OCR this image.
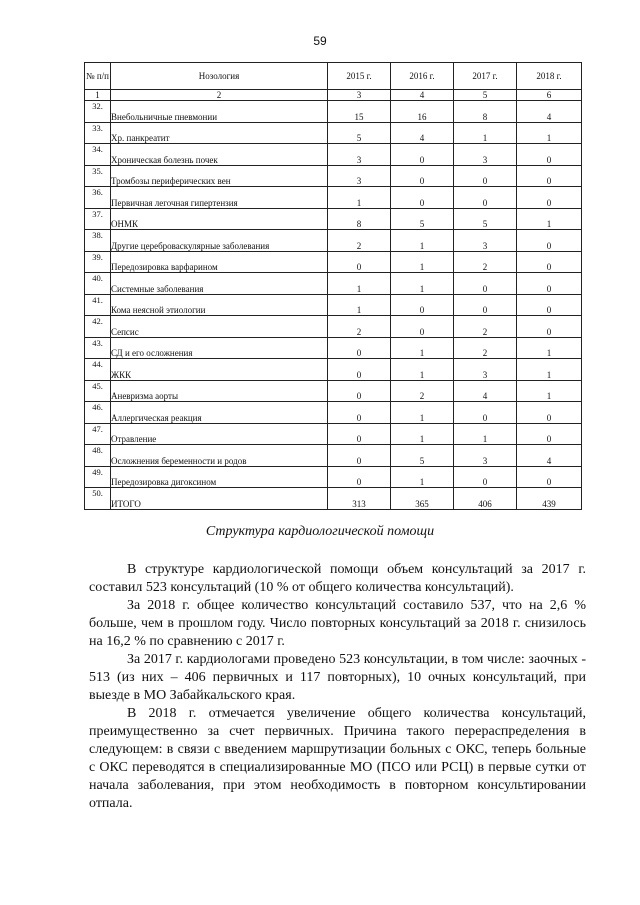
59
№ п/п	Нозология	2015 г.	2016 г.	2017 г.	2018 г.
1	2	3	4	5	6
32.	Внебольничные пневмонии	15	16	8	4
33.	Хр. панкреатит	5	4	1	1
34.	Хроническая болезнь почек	3	0	3	0
35.	Тромбозы периферических вен	3	0	0	0
36.	Первичная легочная гипертензия	1	0	0	0
37.	ОНМК	8	5	5	1
38.	Другие цереброваскулярные заболевания	2	1	3	0
39.	Передозировка варфарином	0	1	2	0
40.	Системные заболевания	1	1	0	0
41.	Кома неясной этиологии	1	0	0	0
42.	Сепсис	2	0	2	0
43.	СД и его осложнения	0	1	2	1
44.	ЖКК	0	1	3	1
45.	Аневризма аорты	0	2	4	1
46.	Аллергическая реакция	0	1	0	0
47.	Отравление	0	1	1	0
48.	Осложнения беременности и родов	0	5	3	4
49.	Передозировка дигоксином	0	1	0	0
50.	ИТОГО	313	365	406	439
Структура кардиологической помощи

В структуре кардиологической помощи объем консультаций за 2017 г. составил 523 консультаций (10 % от общего количества консультаций).

За 2018 г. общее количество консультаций составило 537, что на 2,6 % больше, чем в прошлом году. Число повторных консультаций за 2018 г. снизилось на 16,2 % по сравнению с 2017 г.

За 2017 г. кардиологами проведено 523 консультации, в том числе: заочных - 513 (из них – 406 первичных и 117 повторных), 10 очных консультаций, при выезде в МО Забайкальского края.

В 2018 г. отмечается увеличение общего количества консультаций, преимущественно за счет первичных. Причина такого перераспределения в следующем: в связи с введением маршрутизации больных с ОКС, теперь больные с ОКС переводятся в специализированные МО (ПСО или РСЦ) в первые сутки от начала заболевания, при этом необходимость в повторном консультировании отпала.
